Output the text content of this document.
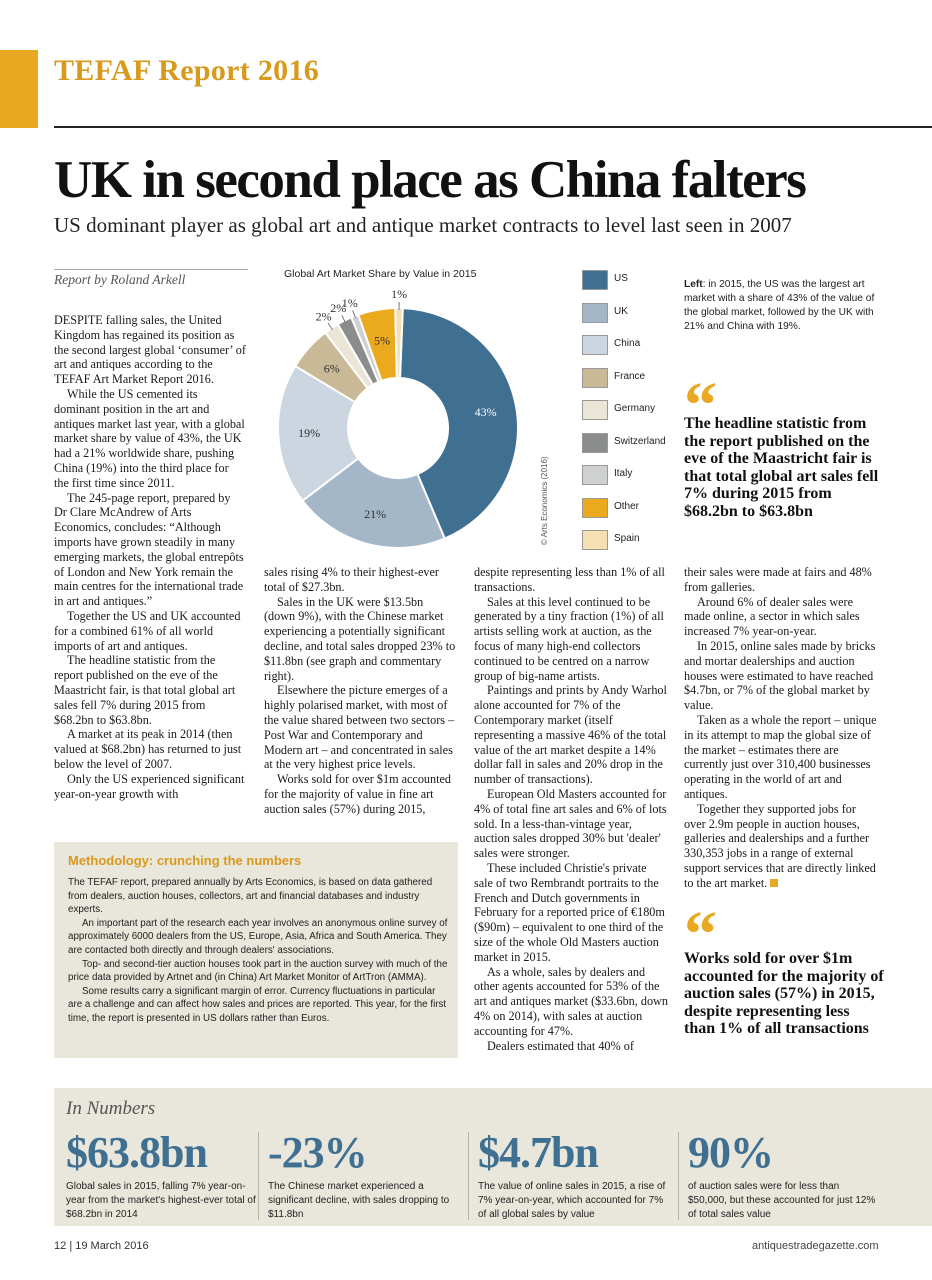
TEFAF Report 2016
UK in second place as China falters
US dominant player as global art and antique market contracts to level last seen in 2007
Report by Roland Arkell

DESPITE falling sales, the United Kingdom has regained its position as the second largest global ‘consumer’ of art and antiques according to the TEFAF Art Market Report 2016.

While the US cemented its dominant position in the art and antiques market last year, with a global market share by value of 43%, the UK had a 21% worldwide share, pushing China (19%) into the third place for the first time since 2011.

The 245-page report, prepared by Dr Clare McAndrew of Arts Economics, concludes: “Although imports have grown steadily in many emerging markets, the global entrepôts of London and New York remain the main centres for the international trade in art and antiques.”

Together the US and UK accounted for a combined 61% of all world imports of art and antiques.

The headline statistic from the report published on the eve of the Maastricht fair, is that total global art sales fell 7% during 2015 from $68.2bn to $63.8bn.

A market at its peak in 2014 (then valued at $68.2bn) has returned to just below the level of 2007.

Only the US experienced significant year-on-year growth with

Global Art Market Share by Value in 2015
43%
21%
19%
6%
2%
2%
1%
5%
1%
© Arts Economics (2016)
US
UK
China
France
Germany
Switzerland
Italy
Other
Spain
Left: in 2015, the US was the largest art market with a share of 43% of the value of the global market, followed by the UK with 21% and China with 19%.
“
The headline statistic from the report published on the eve of the Maastricht fair is that total global art sales fell 7% during 2015 from $68.2bn to $63.8bn

sales rising 4% to their highest-ever total of $27.3bn.

Sales in the UK were $13.5bn (down 9%), with the Chinese market experiencing a potentially significant decline, and total sales dropped 23% to $11.8bn (see graph and commentary right).

Elsewhere the picture emerges of a highly polarised market, with most of the value shared between two sectors – Post War and Contemporary and Modern art – and concentrated in sales at the very highest price levels.

Works sold for over $1m accounted for the majority of value in fine art auction sales (57%) during 2015,

despite representing less than 1% of all transactions.

Sales at this level continued to be generated by a tiny fraction (1%) of all artists selling work at auction, as the focus of many high-end collectors continued to be centred on a narrow group of big-name artists.

Paintings and prints by Andy Warhol alone accounted for 7% of the Contemporary market (itself representing a massive 46% of the total value of the art market despite a 14% dollar fall in sales and 20% drop in the number of transactions).

European Old Masters accounted for 4% of total fine art sales and 6% of lots sold. In a less-than-vintage year, auction sales dropped 30% but 'dealer' sales were stronger.

These included Christie's private sale of two Rembrandt portraits to the French and Dutch governments in February for a reported price of €180m ($90m) – equivalent to one third of the size of the whole Old Masters auction market in 2015.

As a whole, sales by dealers and other agents accounted for 53% of the art and antiques market ($33.6bn, down 4% on 2014), with sales at auction accounting for 47%.

Dealers estimated that 40% of

their sales were made at fairs and 48% from galleries.

Around 6% of dealer sales were made online, a sector in which sales increased 7% year-on-year.

In 2015, online sales made by bricks and mortar dealerships and auction houses were estimated to have reached $4.7bn, or 7% of the global market by value.

Taken as a whole the report – unique in its attempt to map the global size of the market – estimates there are currently just over 310,400 businesses operating in the world of art and antiques.

Together they supported jobs for over 2.9m people in auction houses, galleries and dealerships and a further 330,353 jobs in a range of external support services that are directly linked to the art market.

“
Works sold for over $1m accounted for the majority of auction sales (57%) in 2015, despite representing less than 1% of all transactions
Methodology: crunching the numbers

The TEFAF report, prepared annually by Arts Economics, is based on data gathered from dealers, auction houses, collectors, art and financial databases and industry experts.

An important part of the research each year involves an anonymous online survey of approximately 6000 dealers from the US, Europe, Asia, Africa and South America. They are contacted both directly and through dealers' associations.

Top- and second-tier auction houses took part in the auction survey with much of the price data provided by Artnet and (in China) Art Market Monitor of ArtTron (AMMA).

Some results carry a significant margin of error. Currency fluctuations in particular are a challenge and can affect how sales and prices are reported. This year, for the first time, the report is presented in US dollars rather than Euros.

In Numbers
$63.8bn
Global sales in 2015, falling 7% year-on-year from the market's highest-ever total of $68.2bn in 2014
-23%
The Chinese market experienced a significant decline, with sales dropping to $11.8bn
$4.7bn
The value of online sales in 2015, a rise of 7% year-on-year, which accounted for 7% of all global sales by value
90%
of auction sales were for less than $50,000, but these accounted for just 12% of total sales value
12 | 19 March 2016	antiquestradegazette.com
